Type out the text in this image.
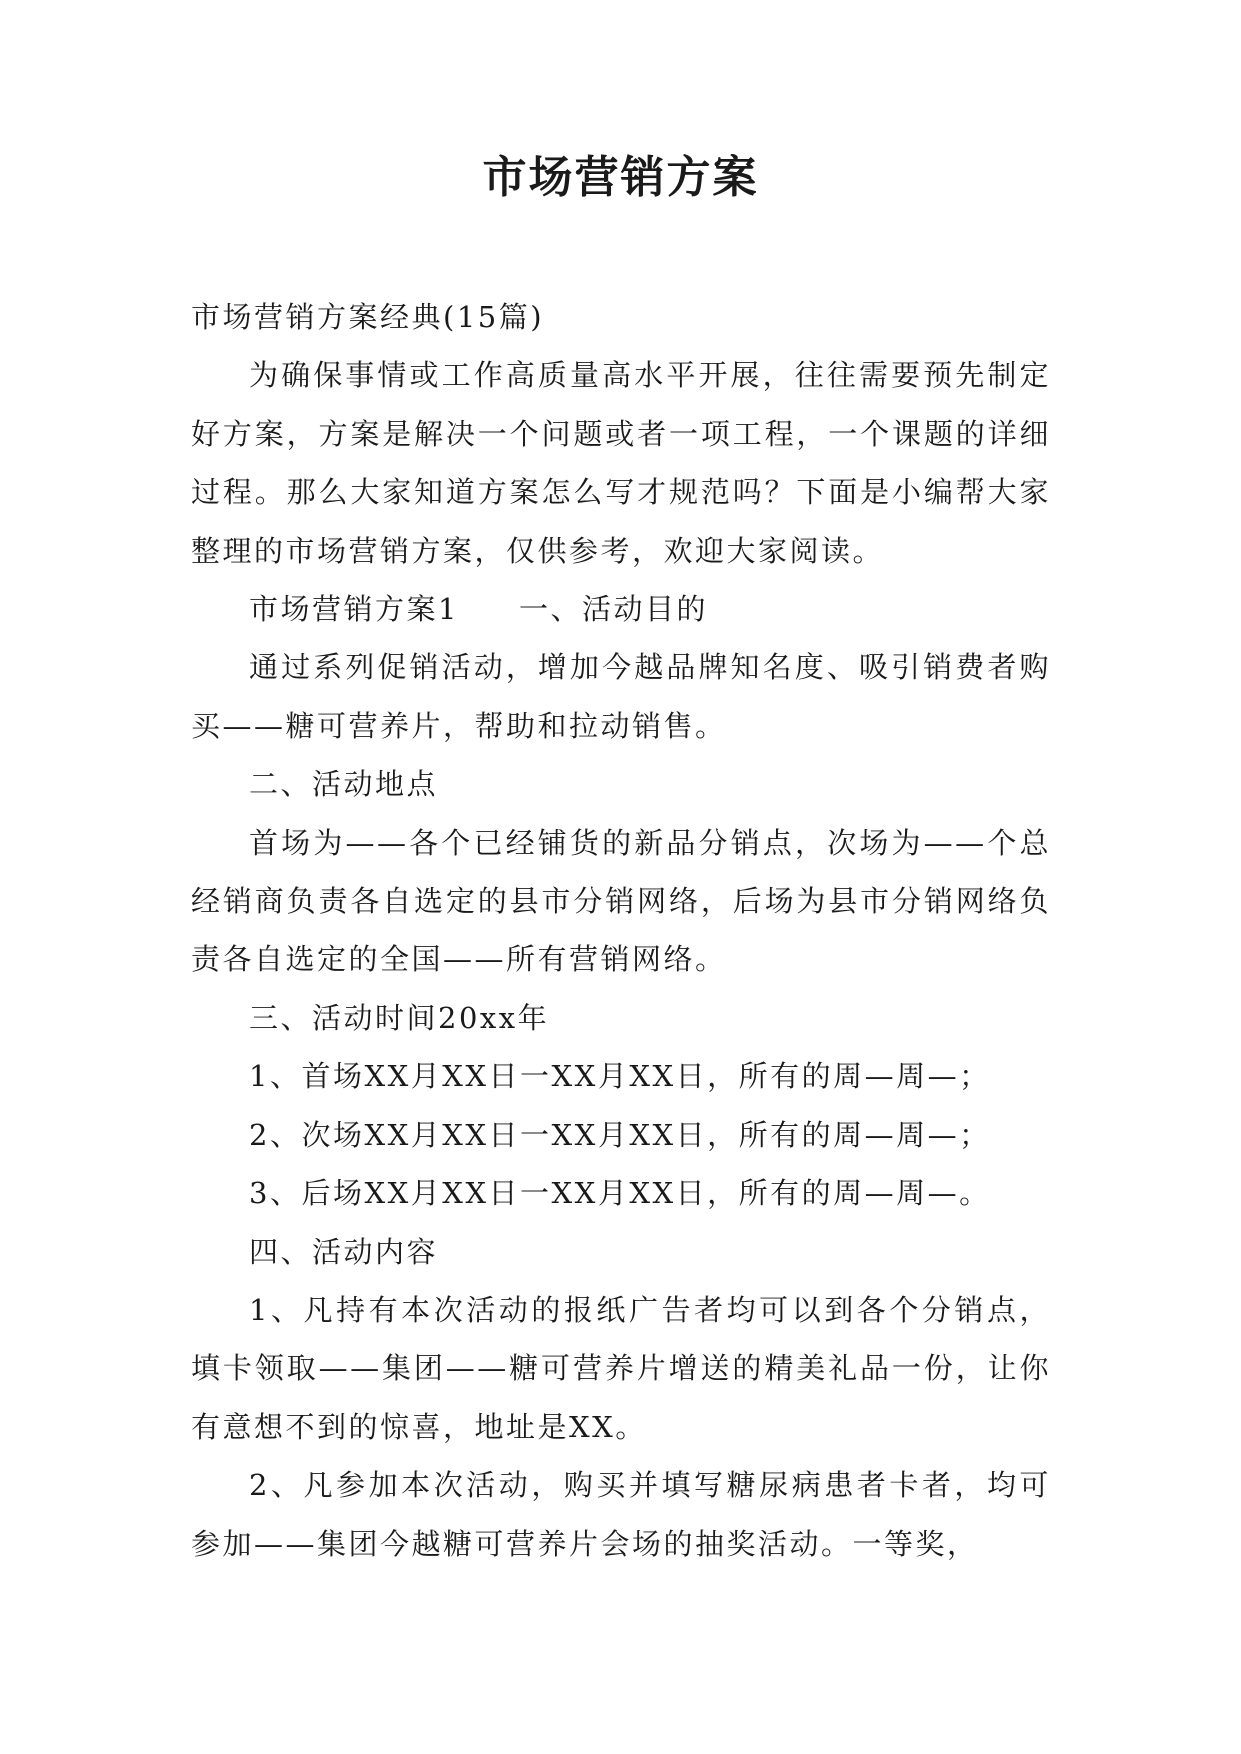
市场营销方案

市场营销方案经典(15篇)

为确保事情或工作高质量高水平开展，往往需要预先制定好方案，方案是解决一个问题或者一项工程，一个课题的详细过程。那么大家知道方案怎么写才规范吗？下面是小编帮大家整理的市场营销方案，仅供参考，欢迎大家阅读。

市场营销方案1 一、活动目的

通过系列促销活动，增加今越品牌知名度、吸引销费者购买——糖可营养片，帮助和拉动销售。

二、活动地点

首场为——各个已经铺货的新品分销点，次场为——个总经销商负责各自选定的县市分销网络，后场为县市分销网络负责各自选定的全国——所有营销网络。

三、活动时间20xx年

1、首场XX月XX日一XX月XX日，所有的周—周—；

2、次场XX月XX日一XX月XX日，所有的周—周—；

3、后场XX月XX日一XX月XX日，所有的周—周—。

四、活动内容

1、凡持有本次活动的报纸广告者均可以到各个分销点，填卡领取——集团——糖可营养片增送的精美礼品一份，让你有意想不到的惊喜，地址是XX。

2、凡参加本次活动，购买并填写糖尿病患者卡者，均可参加——集团今越糖可营养片会场的抽奖活动。一等奖，
